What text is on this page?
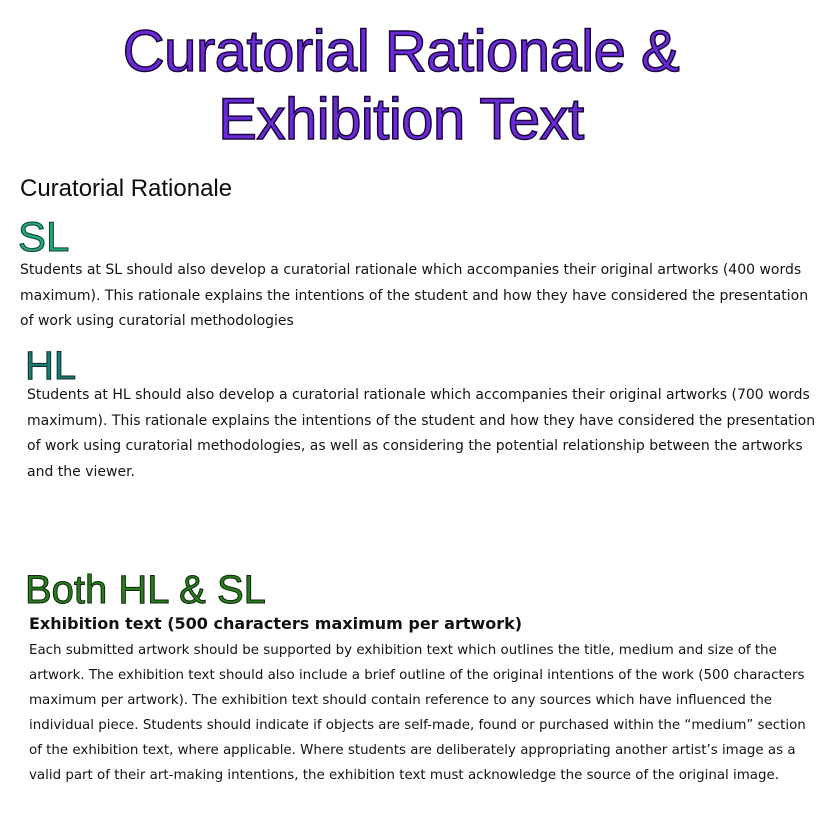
Curatorial Rationale &
Exhibition Text
Curatorial Rationale
SL
Students at SL should also develop a curatorial rationale which accompanies their original artworks (400 words maximum). This rationale explains the intentions of the student and how they have considered the presentation of work using curatorial methodologies
HL
Students at HL should also develop a curatorial rationale which accompanies their original artworks (700 words maximum). This rationale explains the intentions of the student and how they have considered the presentation of work using curatorial methodologies, as well as considering the potential relationship between the artworks and the viewer.
Both HL & SL
Exhibition text (500 characters maximum per artwork)
Each submitted artwork should be supported by exhibition text which outlines the title, medium and size of the artwork. The exhibition text should also include a brief outline of the original intentions of the work (500 characters maximum per artwork). The exhibition text should contain reference to any sources which have influenced the individual piece. Students should indicate if objects are self-made, found or purchased within the “medium” section of the exhibition text, where applicable. Where students are deliberately appropriating another artist’s image as a valid part of their art-making intentions, the exhibition text must acknowledge the source of the original image.
